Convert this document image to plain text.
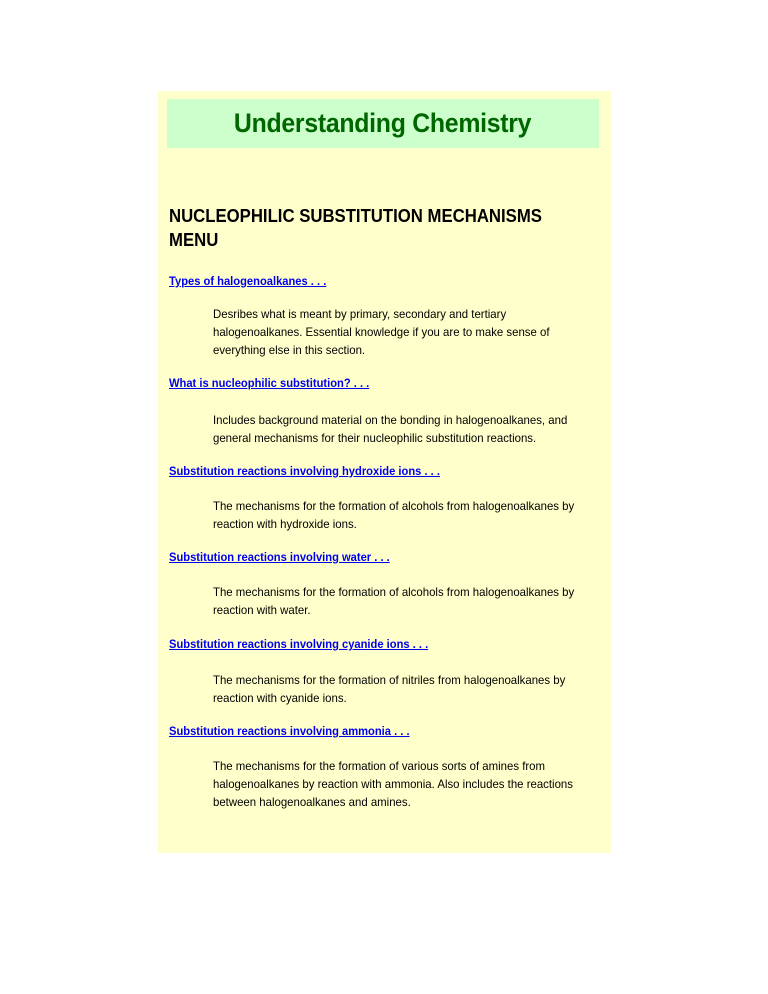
Understanding Chemistry
NUCLEOPHILIC SUBSTITUTION MECHANISMS MENU
Types of halogenoalkanes . . .

Desribes what is meant by primary, secondary and tertiary halogenoalkanes. Essential knowledge if you are to make sense of everything else in this section.

What is nucleophilic substitution? . . .

Includes background material on the bonding in halogenoalkanes, and general mechanisms for their nucleophilic substitution reactions.

Substitution reactions involving hydroxide ions . . .

The mechanisms for the formation of alcohols from halogenoalkanes by reaction with hydroxide ions.

Substitution reactions involving water . . .

The mechanisms for the formation of alcohols from halogenoalkanes by reaction with water.

Substitution reactions involving cyanide ions . . .

The mechanisms for the formation of nitriles from halogenoalkanes by reaction with cyanide ions.

Substitution reactions involving ammonia . . .

The mechanisms for the formation of various sorts of amines from halogenoalkanes by reaction with ammonia. Also includes the reactions between halogenoalkanes and amines.
